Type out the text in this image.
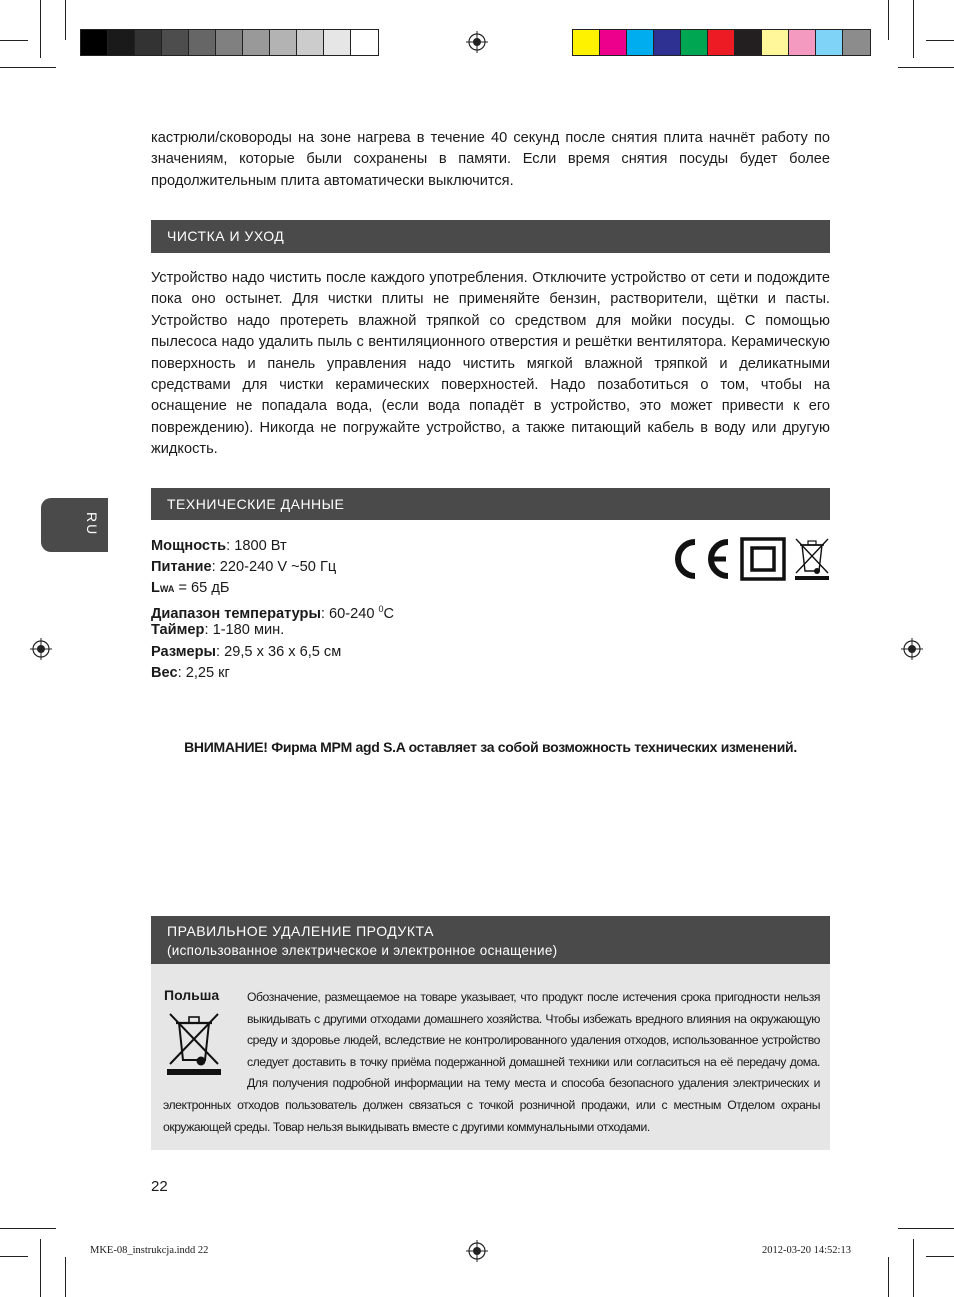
кастрюли/сковороды на зоне нагрева в течение 40 секунд после снятия плита начнёт работу по значениям, которые были сохранены в памяти. Если время снятия посуды будет более продолжительным плита автоматически выключится.

ЧИСТКА И УХОД

Устройство надо чистить после каждого употребления. Отключите устройство от сети и подождите пока оно остынет. Для чистки плиты не применяйте бензин, растворители, щётки и пасты. Устройство надо протереть влажной тряпкой со средством для мойки посуды. С помощью пылесоса надо удалить пыль с вентиляционного отверстия и решётки вентилятора. Керамическую поверхность и панель управления надо чистить мягкой влажной тряпкой и деликатными средствами для чистки керамических поверхностей. Надо позаботиться о том, чтобы на оснащение не попадала вода, (если вода попадёт в устройство, это может привести к его повреждению). Никогда не погружайте устройство, а также питающий кабель в воду или другую жидкость.

RU
ТЕХНИЧЕСКИЕ ДАННЫЕ
Мощность: 1800 Вт
Питание: 220-240 V ~50 Гц
LWA = 65 дБ
Диапазон температуры: 60-240 $^0$C
Таймер: 1-180 мин.
Размеры: 29,5 x 36 x 6,5 см
Вес: 2,25 кг
ВНИМАНИЕ! Фирма MPM agd S.A оставляет за собой возможность технических изменений.
ПРАВИЛЬНОЕ УДАЛЕНИЕ ПРОДУКТА
(использованное электрическое и электронное оснащение)

Обозначение, размещаемое на товаре указывает, что продукт после истечения срока пригодности нельзя выкидывать с другими отходами домашнего хозяйства. Чтобы избежать вредного влияния на окружающую среду и здоровье людей, вследствие не контролированного удаления отходов, использованное устройство следует доставить в точку приёма подержанной домашней техники или согласиться на её передачу дома. Для получения подробной информации на тему места и способа безопасного удаления электрических и электронных отходов пользователь должен связаться с точкой розничной продажи, или с местным Отделом охраны окружающей среды. Товар нельзя выкидывать вместе с другими коммунальными отходами.

Польша
22
MKE-08_instrukcja.indd 22	2012-03-20 14:52:13
